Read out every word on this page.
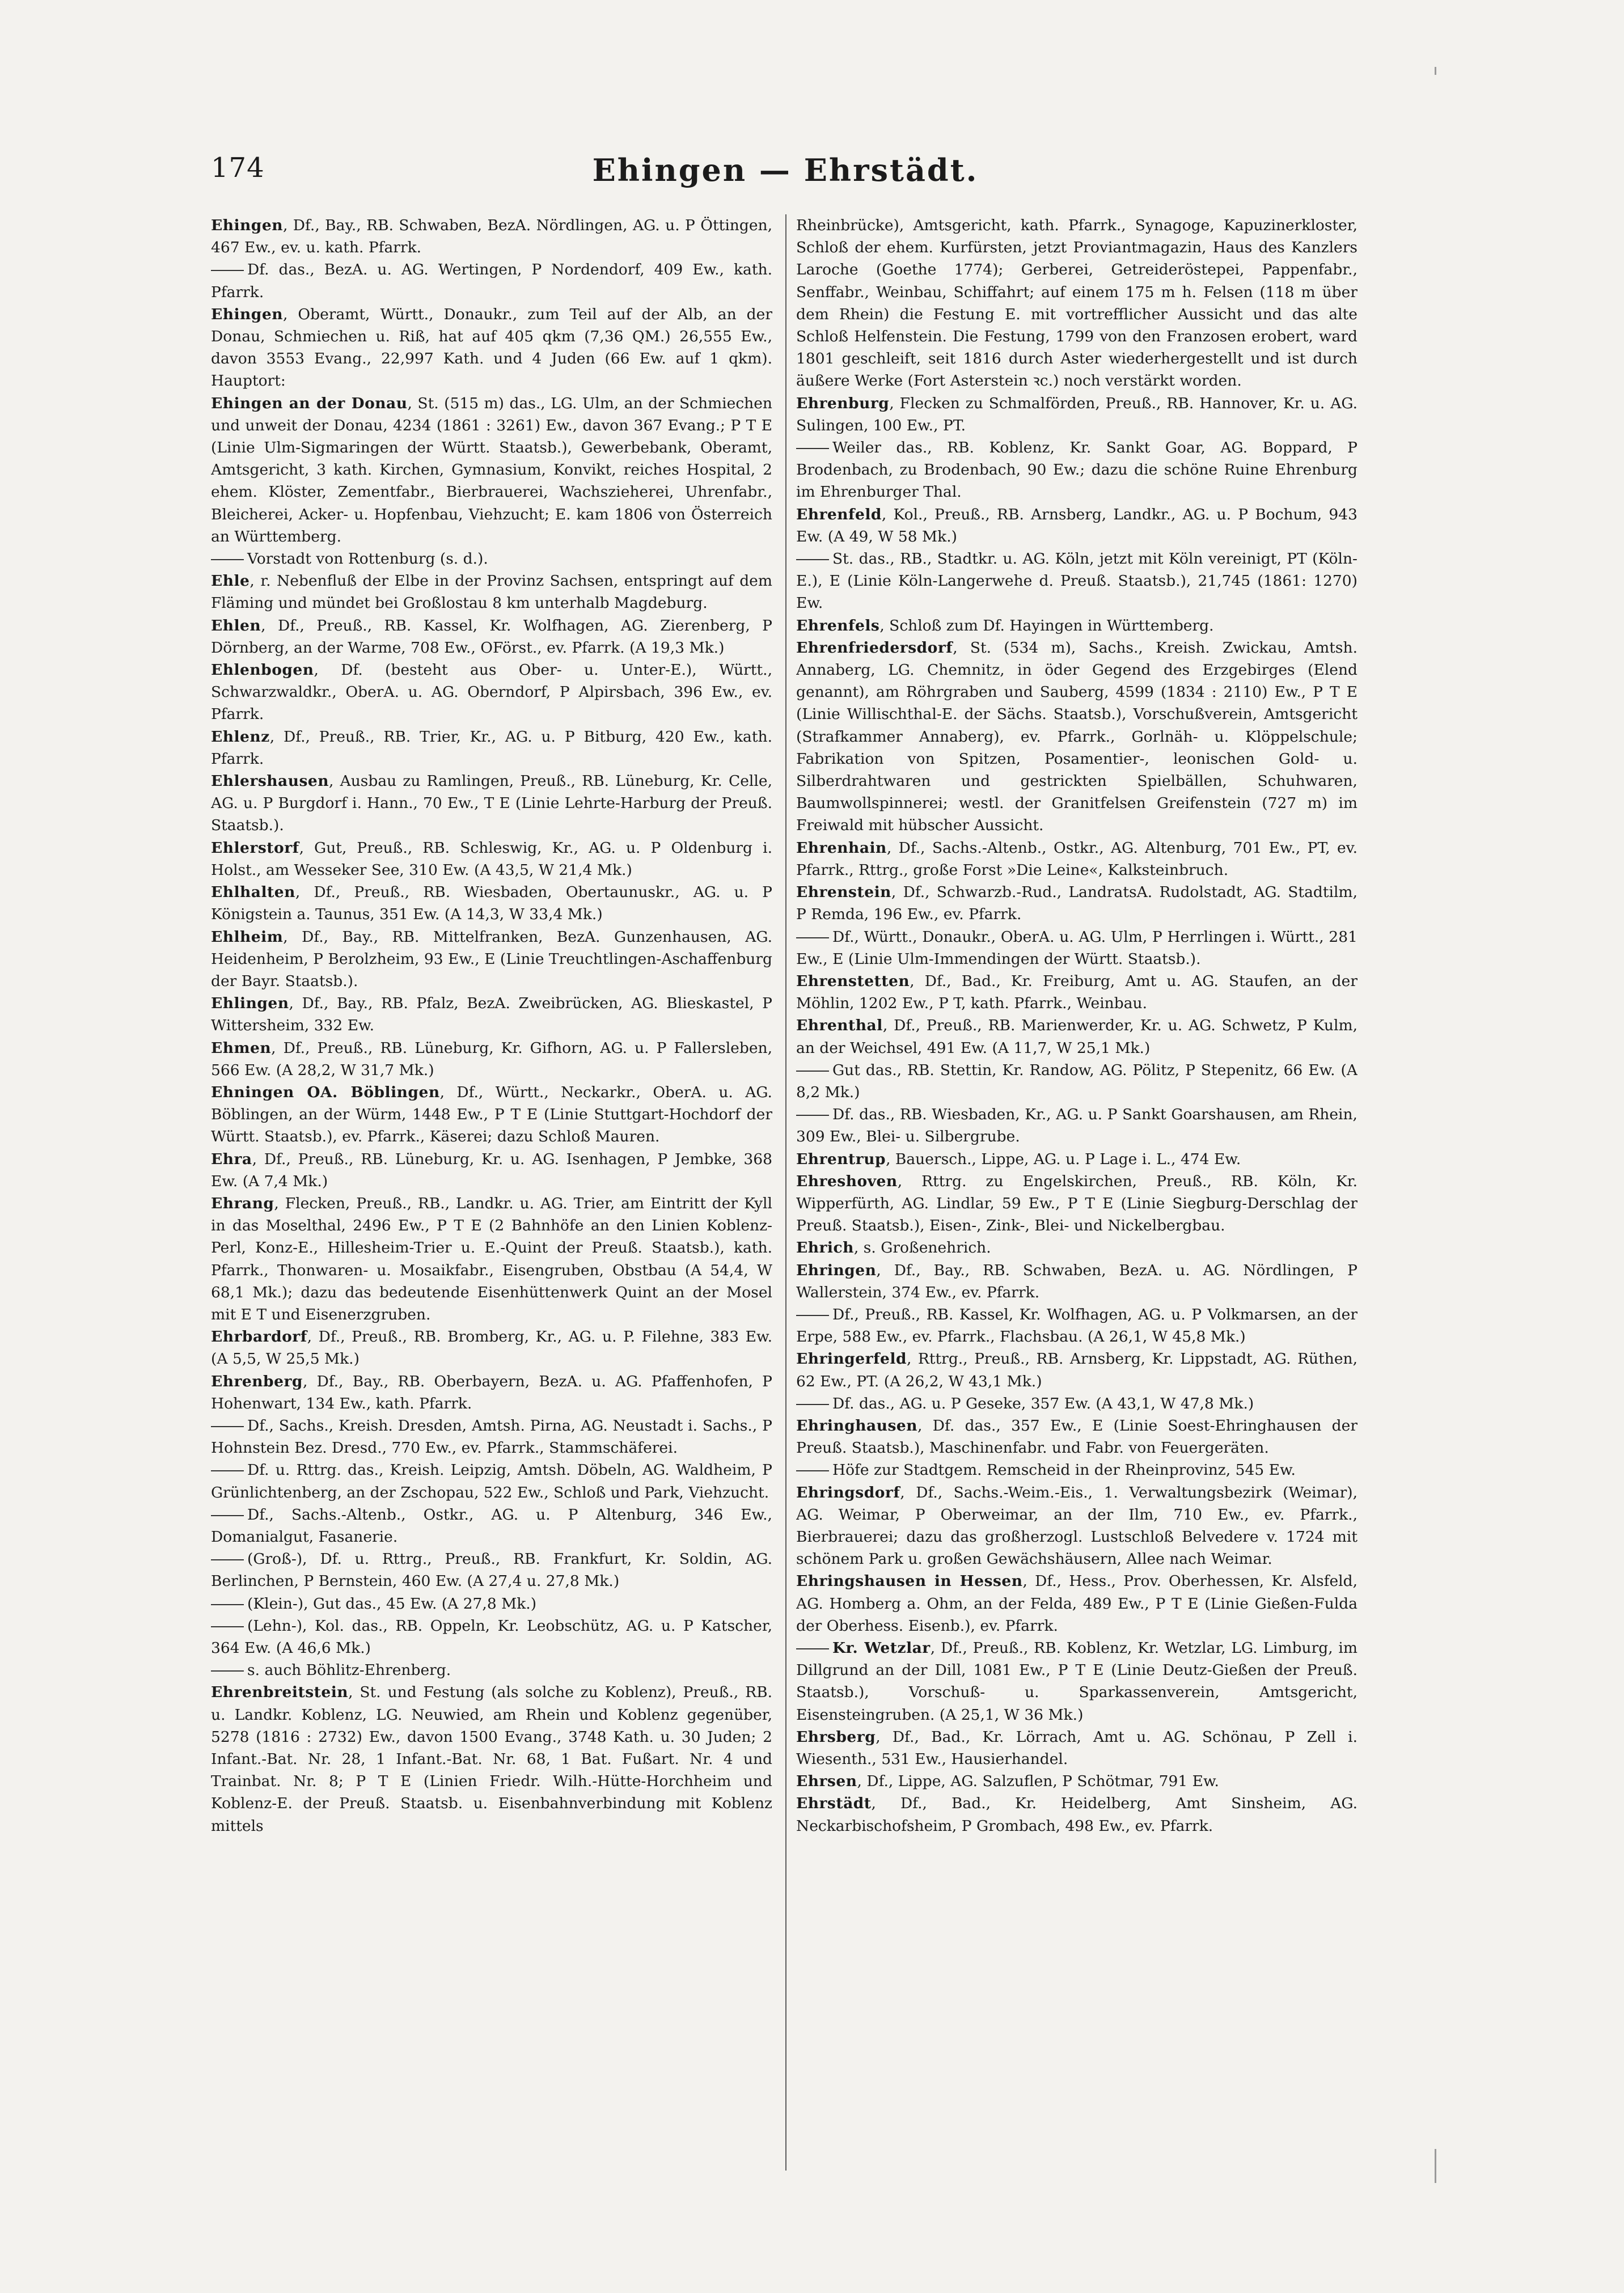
174	Ehingen — Ehrstädt.

Ehingen, Df., Bay., RB. Schwaben, BezA. Nördlingen, AG. u. P Öttingen, 467 Ew., ev. u. kath. Pfarrk.

Df. das., BezA. u. AG. Wertingen, P Nordendorf, 409 Ew., kath. Pfarrk.

Ehingen, Oberamt, Württ., Donaukr., zum Teil auf der Alb, an der Donau, Schmiechen u. Riß, hat auf 405 qkm (7,36 QM.) 26,555 Ew., davon 3553 Evang., 22,997 Kath. und 4 Juden (66 Ew. auf 1 qkm). Hauptort:

Ehingen an der Donau, St. (515 m) das., LG. Ulm, an der Schmiechen und unweit der Donau, 4234 (1861 : 3261) Ew., davon 367 Evang.; P T E (Linie Ulm-Sigmaringen der Württ. Staatsb.), Gewerbebank, Oberamt, Amtsgericht, 3 kath. Kirchen, Gymnasium, Konvikt, reiches Hospital, 2 ehem. Klöster, Zementfabr., Bierbrauerei, Wachszieherei, Uhrenfabr., Bleicherei, Acker- u. Hopfenbau, Viehzucht; E. kam 1806 von Österreich an Württemberg.

Vorstadt von Rottenburg (s. d.).

Ehle, r. Nebenfluß der Elbe in der Provinz Sachsen, entspringt auf dem Fläming und mündet bei Großlostau 8 km unterhalb Magdeburg.

Ehlen, Df., Preuß., RB. Kassel, Kr. Wolfhagen, AG. Zierenberg, P Dörnberg, an der Warme, 708 Ew., OFörst., ev. Pfarrk. (A 19,3 Mk.)

Ehlenbogen, Df. (besteht aus Ober- u. Unter-E.), Württ., Schwarzwaldkr., OberA. u. AG. Oberndorf, P Alpirsbach, 396 Ew., ev. Pfarrk.

Ehlenz, Df., Preuß., RB. Trier, Kr., AG. u. P Bitburg, 420 Ew., kath. Pfarrk.

Ehlershausen, Ausbau zu Ramlingen, Preuß., RB. Lüneburg, Kr. Celle, AG. u. P Burgdorf i. Hann., 70 Ew., T E (Linie Lehrte-Harburg der Preuß. Staatsb.).

Ehlerstorf, Gut, Preuß., RB. Schleswig, Kr., AG. u. P Oldenburg i. Holst., am Wesseker See, 310 Ew. (A 43,5, W 21,4 Mk.)

Ehlhalten, Df., Preuß., RB. Wiesbaden, Obertaunuskr., AG. u. P Königstein a. Taunus, 351 Ew. (A 14,3, W 33,4 Mk.)

Ehlheim, Df., Bay., RB. Mittelfranken, BezA. Gunzenhausen, AG. Heidenheim, P Berolzheim, 93 Ew., E (Linie Treuchtlingen-Aschaffenburg der Bayr. Staatsb.).

Ehlingen, Df., Bay., RB. Pfalz, BezA. Zweibrücken, AG. Blieskastel, P Wittersheim, 332 Ew.

Ehmen, Df., Preuß., RB. Lüneburg, Kr. Gifhorn, AG. u. P Fallersleben, 566 Ew. (A 28,2, W 31,7 Mk.)

Ehningen OA. Böblingen, Df., Württ., Neckarkr., OberA. u. AG. Böblingen, an der Würm, 1448 Ew., P T E (Linie Stuttgart-Hochdorf der Württ. Staatsb.), ev. Pfarrk., Käserei; dazu Schloß Mauren.

Ehra, Df., Preuß., RB. Lüneburg, Kr. u. AG. Isenhagen, P Jembke, 368 Ew. (A 7,4 Mk.)

Ehrang, Flecken, Preuß., RB., Landkr. u. AG. Trier, am Eintritt der Kyll in das Moselthal, 2496 Ew., P T E (2 Bahnhöfe an den Linien Koblenz-Perl, Konz-E., Hillesheim-Trier u. E.-Quint der Preuß. Staatsb.), kath. Pfarrk., Thonwaren- u. Mosaikfabr., Eisengruben, Obstbau (A 54,4, W 68,1 Mk.); dazu das bedeutende Eisenhüttenwerk Quint an der Mosel mit E T und Eisenerzgruben.

Ehrbardorf, Df., Preuß., RB. Bromberg, Kr., AG. u. P. Filehne, 383 Ew. (A 5,5, W 25,5 Mk.)

Ehrenberg, Df., Bay., RB. Oberbayern, BezA. u. AG. Pfaffenhofen, P Hohenwart, 134 Ew., kath. Pfarrk.

Df., Sachs., Kreish. Dresden, Amtsh. Pirna, AG. Neustadt i. Sachs., P Hohnstein Bez. Dresd., 770 Ew., ev. Pfarrk., Stammschäferei.

Df. u. Rttrg. das., Kreish. Leipzig, Amtsh. Döbeln, AG. Waldheim, P Grünlichtenberg, an der Zschopau, 522 Ew., Schloß und Park, Viehzucht.

Df., Sachs.-Altenb., Ostkr., AG. u. P Altenburg, 346 Ew., Domanialgut, Fasanerie.

(Groß-), Df. u. Rttrg., Preuß., RB. Frankfurt, Kr. Soldin, AG. Berlinchen, P Bernstein, 460 Ew. (A 27,4 u. 27,8 Mk.)

(Klein-), Gut das., 45 Ew. (A 27,8 Mk.)

(Lehn-), Kol. das., RB. Oppeln, Kr. Leobschütz, AG. u. P Katscher, 364 Ew. (A 46,6 Mk.)

s. auch Böhlitz-Ehrenberg.

Ehrenbreitstein, St. und Festung (als solche zu Koblenz), Preuß., RB. u. Landkr. Koblenz, LG. Neuwied, am Rhein und Koblenz gegenüber, 5278 (1816 : 2732) Ew., davon 1500 Evang., 3748 Kath. u. 30 Juden; 2 Infant.-Bat. Nr. 28, 1 Infant.-Bat. Nr. 68, 1 Bat. Fußart. Nr. 4 und Trainbat. Nr. 8; P T E (Linien Friedr. Wilh.-Hütte-Horchheim und Koblenz-E. der Preuß. Staatsb. u. Eisenbahnverbindung mit Koblenz mittels

Rheinbrücke), Amtsgericht, kath. Pfarrk., Synagoge, Kapuzinerkloster, Schloß der ehem. Kurfürsten, jetzt Proviantmagazin, Haus des Kanzlers Laroche (Goethe 1774); Gerberei, Getreideröstерei, Pappenfabr., Senffabr., Weinbau, Schiffahrt; auf einem 175 m h. Felsen (118 m über dem Rhein) die Festung E. mit vortrefflicher Aussicht und das alte Schloß Helfenstein. Die Festung, 1799 von den Franzosen erobert, ward 1801 geschleift, seit 1816 durch Aster wiederhergestellt und ist durch äußere Werke (Fort Asterstein ꝛc.) noch verstärkt worden.

Ehrenburg, Flecken zu Schmalförden, Preuß., RB. Hannover, Kr. u. AG. Sulingen, 100 Ew., PT.

Weiler das., RB. Koblenz, Kr. Sankt Goar, AG. Boppard, P Brodenbach, zu Brodenbach, 90 Ew.; dazu die schöne Ruine Ehrenburg im Ehrenburger Thal.

Ehrenfeld, Kol., Preuß., RB. Arnsberg, Landkr., AG. u. P Bochum, 943 Ew. (A 49, W 58 Mk.)

St. das., RB., Stadtkr. u. AG. Köln, jetzt mit Köln vereinigt, PT (Köln-E.), E (Linie Köln-Langerwehe d. Preuß. Staatsb.), 21,745 (1861: 1270) Ew.

Ehrenfels, Schloß zum Df. Hayingen in Württemberg.

Ehrenfriedersdorf, St. (534 m), Sachs., Kreish. Zwickau, Amtsh. Annaberg, LG. Chemnitz, in öder Gegend des Erzgebirges (Elend genannt), am Röhrgraben und Sauberg, 4599 (1834 : 2110) Ew., P T E (Linie Willischthal-E. der Sächs. Staatsb.), Vorschußverein, Amtsgericht (Strafkammer Annaberg), ev. Pfarrk., Gorlnäh- u. Klöppelschule; Fabrikation von Spitzen, Posamentier-, leonischen Gold- u. Silberdrahtwaren und gestrickten Spielbällen, Schuhwaren, Baumwollspinnerei; westl. der Granitfelsen Greifenstein (727 m) im Freiwald mit hübscher Aussicht.

Ehrenhain, Df., Sachs.-Altenb., Ostkr., AG. Altenburg, 701 Ew., PT, ev. Pfarrk., Rttrg., große Forst »Die Leine«, Kalksteinbruch.

Ehrenstein, Df., Schwarzb.-Rud., LandratsA. Rudolstadt, AG. Stadtilm, P Remda, 196 Ew., ev. Pfarrk.

Df., Württ., Donaukr., OberA. u. AG. Ulm, P Herrlingen i. Württ., 281 Ew., E (Linie Ulm-Immendingen der Württ. Staatsb.).

Ehrenstetten, Df., Bad., Kr. Freiburg, Amt u. AG. Staufen, an der Möhlin, 1202 Ew., P T, kath. Pfarrk., Weinbau.

Ehrenthal, Df., Preuß., RB. Marienwerder, Kr. u. AG. Schwetz, P Kulm, an der Weichsel, 491 Ew. (A 11,7, W 25,1 Mk.)

Gut das., RB. Stettin, Kr. Randow, AG. Pölitz, P Stepenitz, 66 Ew. (A 8,2 Mk.)

Df. das., RB. Wiesbaden, Kr., AG. u. P Sankt Goarshausen, am Rhein, 309 Ew., Blei- u. Silbergrube.

Ehrentrup, Bauersch., Lippe, AG. u. P Lage i. L., 474 Ew.

Ehreshoven, Rttrg. zu Engelskirchen, Preuß., RB. Köln, Kr. Wipperfürth, AG. Lindlar, 59 Ew., P T E (Linie Siegburg-Derschlag der Preuß. Staatsb.), Eisen-, Zink-, Blei- und Nickelbergbau.

Ehrich, s. Großenehrich.

Ehringen, Df., Bay., RB. Schwaben, BezA. u. AG. Nördlingen, P Wallerstein, 374 Ew., ev. Pfarrk.

Df., Preuß., RB. Kassel, Kr. Wolfhagen, AG. u. P Volkmarsen, an der Erpe, 588 Ew., ev. Pfarrk., Flachsbau. (A 26,1, W 45,8 Mk.)

Ehringerfeld, Rttrg., Preuß., RB. Arnsberg, Kr. Lippstadt, AG. Rüthen, 62 Ew., PT. (A 26,2, W 43,1 Mk.)

Df. das., AG. u. P Geseke, 357 Ew. (A 43,1, W 47,8 Mk.)

Ehringhausen, Df. das., 357 Ew., E (Linie Soest-Ehringhausen der Preuß. Staatsb.), Maschinenfabr. und Fabr. von Feuergeräten.

Höfe zur Stadtgem. Remscheid in der Rheinprovinz, 545 Ew.

Ehringsdorf, Df., Sachs.-Weim.-Eis., 1. Verwaltungsbezirk (Weimar), AG. Weimar, P Oberweimar, an der Ilm, 710 Ew., ev. Pfarrk., Bierbrauerei; dazu das großherzogl. Lustschloß Belvedere v. 1724 mit schönem Park u. großen Gewächshäusern, Allee nach Weimar.

Ehringshausen in Hessen, Df., Hess., Prov. Oberhessen, Kr. Alsfeld, AG. Homberg a. Ohm, an der Felda, 489 Ew., P T E (Linie Gießen-Fulda der Oberhess. Eisenb.), ev. Pfarrk.

Kr. Wetzlar, Df., Preuß., RB. Koblenz, Kr. Wetzlar, LG. Limburg, im Dillgrund an der Dill, 1081 Ew., P T E (Linie Deutz-Gießen der Preuß. Staatsb.), Vorschuß- u. Sparkassenverein, Amtsgericht, Eisensteingruben. (A 25,1, W 36 Mk.)

Ehrsberg, Df., Bad., Kr. Lörrach, Amt u. AG. Schönau, P Zell i. Wiesenth., 531 Ew., Hausierhandel.

Ehrsen, Df., Lippe, AG. Salzuflen, P Schötmar, 791 Ew.

Ehrstädt, Df., Bad., Kr. Heidelberg, Amt Sinsheim, AG. Neckarbischofsheim, P Grombach, 498 Ew., ev. Pfarrk.
